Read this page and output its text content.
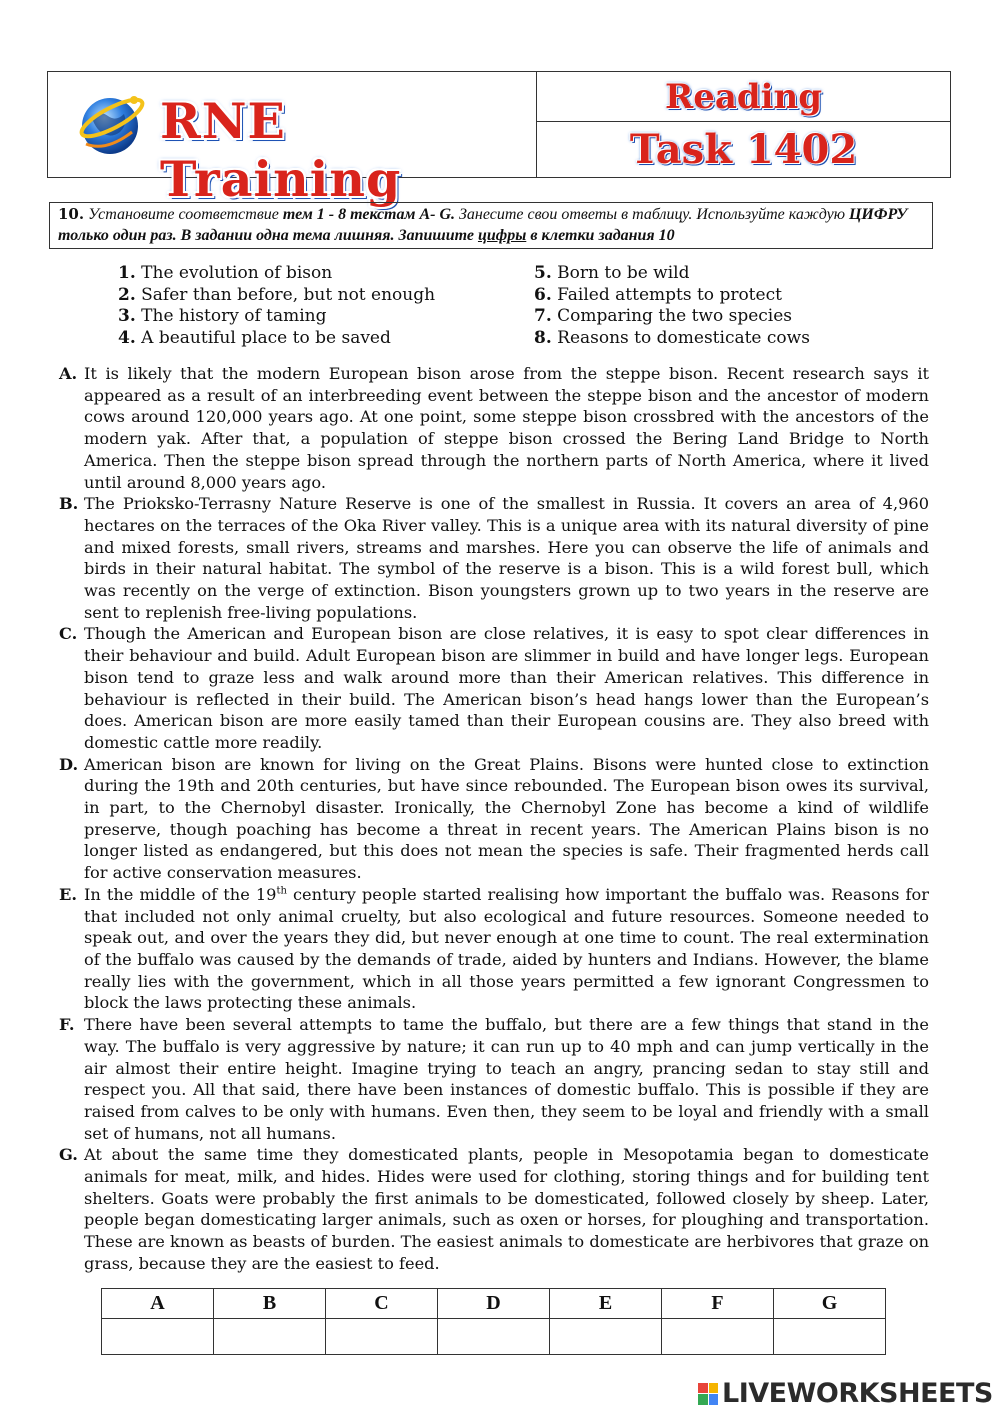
RNE Training
Reading
Task 1402
10. Установите соответствие тем 1 - 8 текстам A- G. Занесите свои ответы в таблицу. Используйте каждую ЦИФРУ только один раз. В задании одна тема лишняя. Запишите цифры в клетки задания 10
1. The evolution of bison
2. Safer than before, but not enough
3. The history of taming
4. A beautiful place to be saved
5. Born to be wild
6. Failed attempts to protect
7. Comparing the two species
8. Reasons to domesticate cows
A. It is likely that the modern European bison arose from the steppe bison. Recent research says it appeared as a result of an interbreeding event between the steppe bison and the ancestor of modern cows around 120,000 years ago. At one point, some steppe bison crossbred with the ancestors of the modern yak. After that, a population of steppe bison crossed the Bering Land Bridge to North America. Then the steppe bison spread through the northern parts of North America, where it lived until around 8,000 years ago.
B. The Prioksko-Terrasny Nature Reserve is one of the smallest in Russia. It covers an area of 4,960 hectares on the terraces of the Oka River valley. This is a unique area with its natural diversity of pine and mixed forests, small rivers, streams and marshes. Here you can observe the life of animals and birds in their natural habitat. The symbol of the reserve is a bison. This is a wild forest bull, which was recently on the verge of extinction. Bison youngsters grown up to two years in the reserve are sent to replenish free-living populations.
C. Though the American and European bison are close relatives, it is easy to spot clear differences in their behaviour and build. Adult European bison are slimmer in build and have longer legs. European bison tend to graze less and walk around more than their American relatives. This difference in behaviour is reflected in their build. The American bison’s head hangs lower than the European’s does. American bison are more easily tamed than their European cousins are. They also breed with domestic cattle more readily.
D. American bison are known for living on the Great Plains. Bisons were hunted close to extinction during the 19th and 20th centuries, but have since rebounded. The European bison owes its survival, in part, to the Chernobyl disaster. Ironically, the Chernobyl Zone has become a kind of wildlife preserve, though poaching has become a threat in recent years. The American Plains bison is no longer listed as endangered, but this does not mean the species is safe. Their fragmented herds call for active conservation measures.
E. In the middle of the 19th century people started realising how important the buffalo was. Reasons for that included not only animal cruelty, but also ecological and future resources. Someone needed to speak out, and over the years they did, but never enough at one time to count. The real extermination of the buffalo was caused by the demands of trade, aided by hunters and Indians. However, the blame really lies with the government, which in all those years permitted a few ignorant Congressmen to block the laws protecting these animals.
F. There have been several attempts to tame the buffalo, but there are a few things that stand in the way. The buffalo is very aggressive by nature; it can run up to 40 mph and can jump vertically in the air almost their entire height. Imagine trying to teach an angry, prancing sedan to stay still and respect you. All that said, there have been instances of domestic buffalo. This is possible if they are raised from calves to be only with humans. Even then, they seem to be loyal and friendly with a small set of humans, not all humans.
G. At about the same time they domesticated plants, people in Mesopotamia began to domesticate animals for meat, milk, and hides. Hides were used for clothing, storing things and for building tent shelters. Goats were probably the first animals to be domesticated, followed closely by sheep. Later, people began domesticating larger animals, such as oxen or horses, for ploughing and transportation. These are known as beasts of burden. The easiest animals to domesticate are herbivores that graze on grass, because they are the easiest to feed.
A	B	C	D	E	F	G

LIVEWORKSHEETS
